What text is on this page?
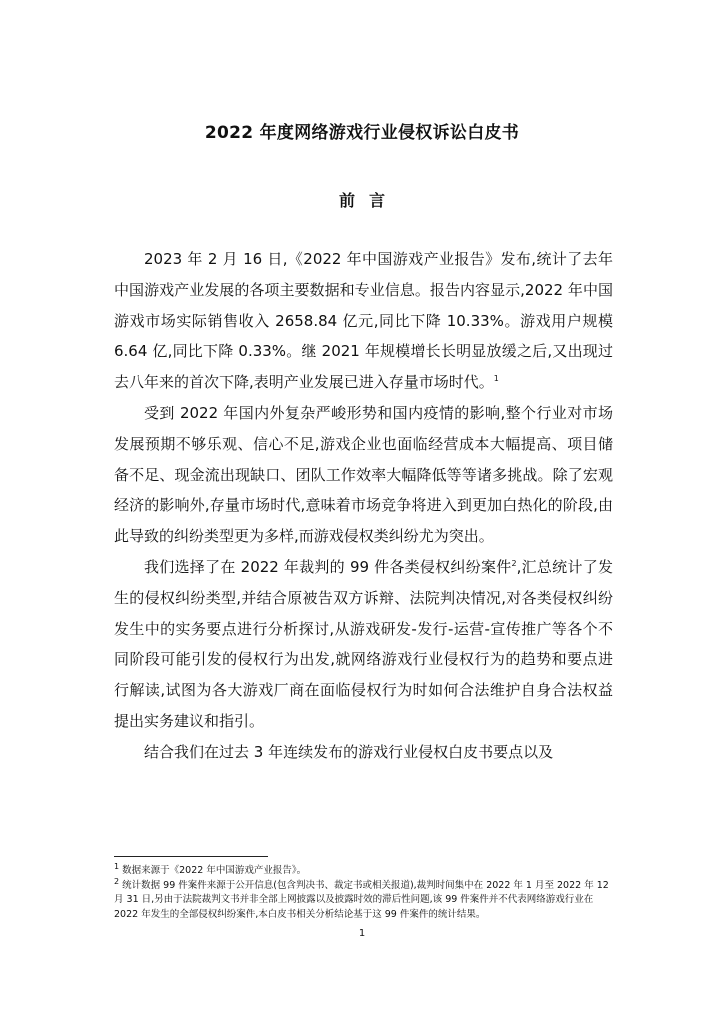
2022 年度网络游戏行业侵权诉讼白皮书
前言

2023 年 2 月 16 日,《2022 年中国游戏产业报告》发布,统计了去年中国游戏产业发展的各项主要数据和专业信息。报告内容显示,2022 年中国游戏市场实际销售收入 2658.84 亿元,同比下降 10.33%。游戏用户规模 6.64 亿,同比下降 0.33%。继 2021 年规模增长长明显放缓之后,又出现过去八年来的首次下降,表明产业发展已进入存量市场时代。$^1$

受到 2022 年国内外复杂严峻形势和国内疫情的影响,整个行业对市场发展预期不够乐观、信心不足,游戏企业也面临经营成本大幅提高、项目储备不足、现金流出现缺口、团队工作效率大幅降低等等诸多挑战。除了宏观经济的影响外,存量市场时代,意味着市场竞争将进入到更加白热化的阶段,由此导致的纠纷类型更为多样,而游戏侵权类纠纷尤为突出。

我们选择了在 2022 年裁判的 99 件各类侵权纠纷案件$^2$,汇总统计了发生的侵权纠纷类型,并结合原被告双方诉辩、法院判决情况,对各类侵权纠纷发生中的实务要点进行分析探讨,从游戏研发-发行-运营-宣传推广等各个不同阶段可能引发的侵权行为出发,就网络游戏行业侵权行为的趋势和要点进行解读,试图为各大游戏厂商在面临侵权行为时如何合法维护自身合法权益提出实务建议和指引。

结合我们在过去 3 年连续发布的游戏行业侵权白皮书要点以及

$^1$ 数据来源于《2022 年中国游戏产业报告》。

$^2$ 统计数据 99 件案件来源于公开信息(包含判决书、裁定书或相关报道),裁判时间集中在 2022 年 1 月至 2022 年 12 月 31 日,另由于法院裁判文书并非全部上网披露以及披露时效的滞后性问题,该 99 件案件并不代表网络游戏行业在 2022 年发生的全部侵权纠纷案件,本白皮书相关分析结论基于这 99 件案件的统计结果。

1
